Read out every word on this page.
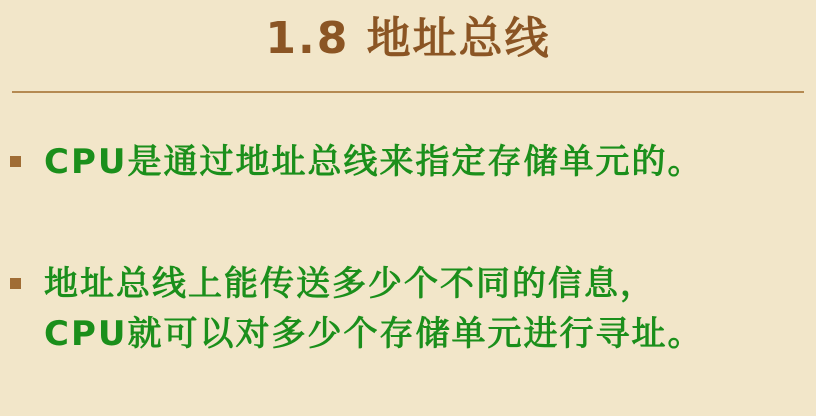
1.8 地址总线
CPU是通过地址总线来指定存储单元的。
地址总线上能传送多少个不同的信息，
CPU就可以对多少个存储单元进行寻址。
